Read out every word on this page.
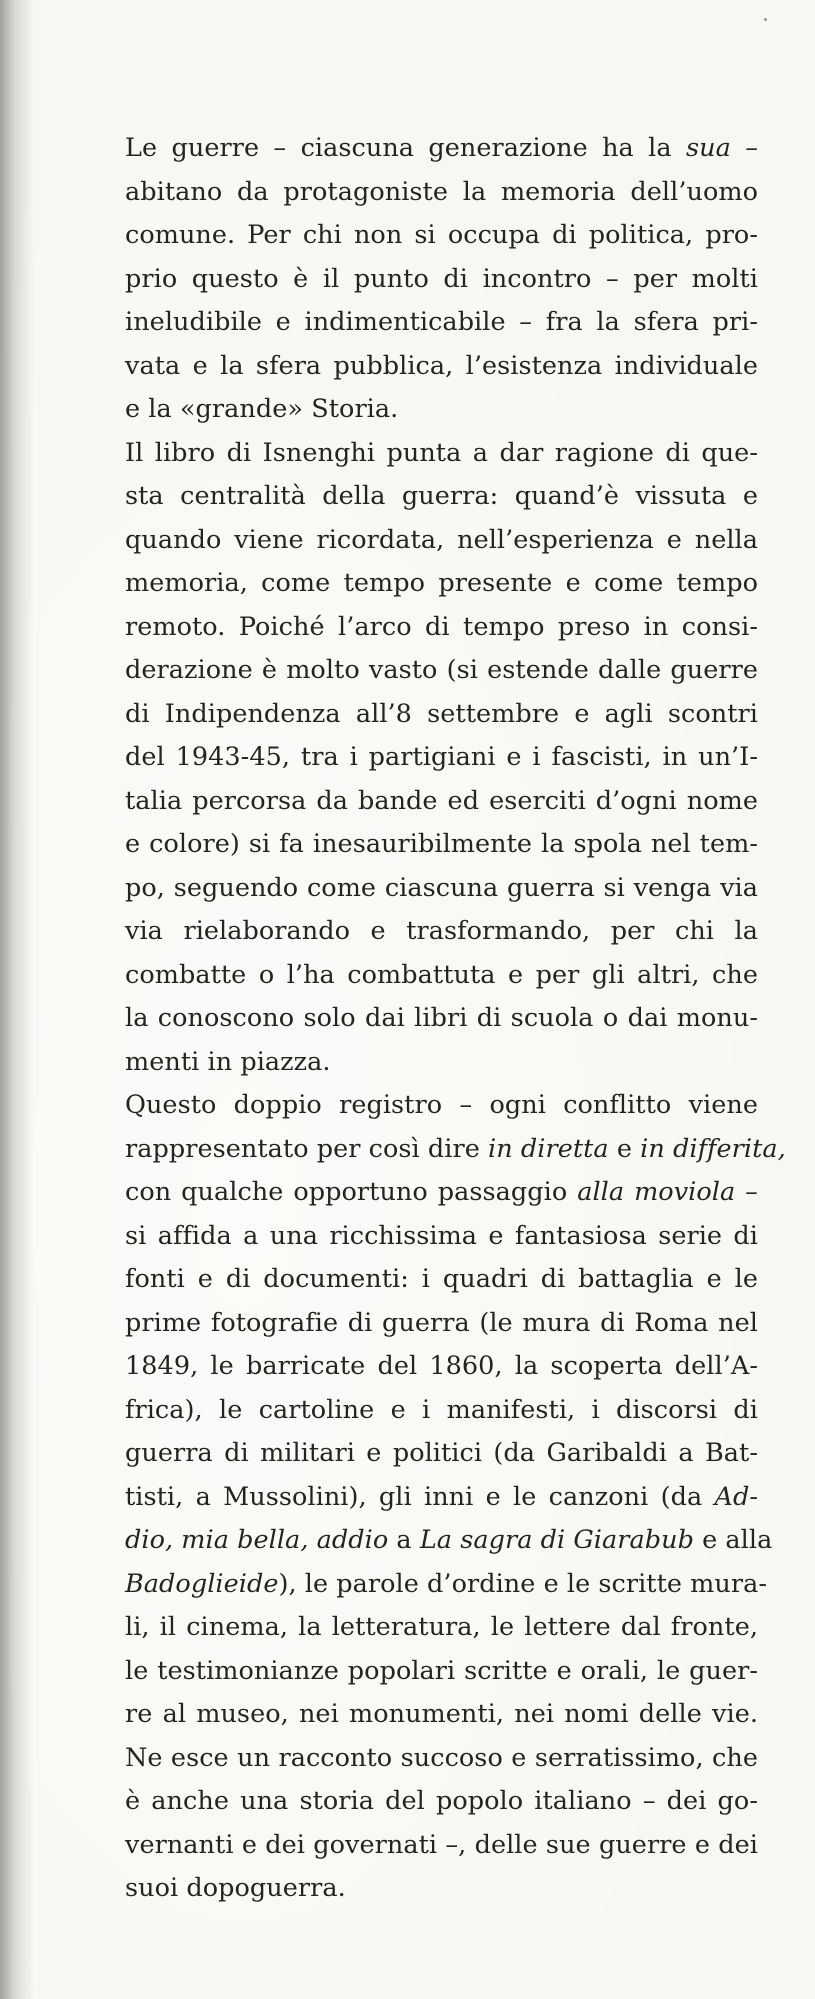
Le guerre – ciascuna generazione ha la sua –
abitano da protagoniste la memoria dell’uomo
comune. Per chi non si occupa di politica, pro-
prio questo è il punto di incontro – per molti
ineludibile e indimenticabile – fra la sfera pri-
vata e la sfera pubblica, l’esistenza individuale
e la «grande» Storia.
Il libro di Isnenghi punta a dar ragione di que-
sta centralità della guerra: quand’è vissuta e
quando viene ricordata, nell’esperienza e nella
memoria, come tempo presente e come tempo
remoto. Poiché l’arco di tempo preso in consi-
derazione è molto vasto (si estende dalle guerre
di Indipendenza all’8 settembre e agli scontri
del 1943-45, tra i partigiani e i fascisti, in un’I-
talia percorsa da bande ed eserciti d’ogni nome
e colore) si fa inesauribilmente la spola nel tem-
po, seguendo come ciascuna guerra si venga via
via rielaborando e trasformando, per chi la
combatte o l’ha combattuta e per gli altri, che
la conoscono solo dai libri di scuola o dai monu-
menti in piazza.
Questo doppio registro – ogni conflitto viene
rappresentato per così dire in diretta e in differita,
con qualche opportuno passaggio alla moviola –
si affida a una ricchissima e fantasiosa serie di
fonti e di documenti: i quadri di battaglia e le
prime fotografie di guerra (le mura di Roma nel
1849, le barricate del 1860, la scoperta dell’A-
frica), le cartoline e i manifesti, i discorsi di
guerra di militari e politici (da Garibaldi a Bat-
tisti, a Mussolini), gli inni e le canzoni (da Ad-
dio, mia bella, addio a La sagra di Giarabub e alla
Badoglieide), le parole d’ordine e le scritte mura-
li, il cinema, la letteratura, le lettere dal fronte,
le testimonianze popolari scritte e orali, le guer-
re al museo, nei monumenti, nei nomi delle vie.
Ne esce un racconto succoso e serratissimo, che
è anche una storia del popolo italiano – dei go-
vernanti e dei governati –, delle sue guerre e dei
suoi dopoguerra.
